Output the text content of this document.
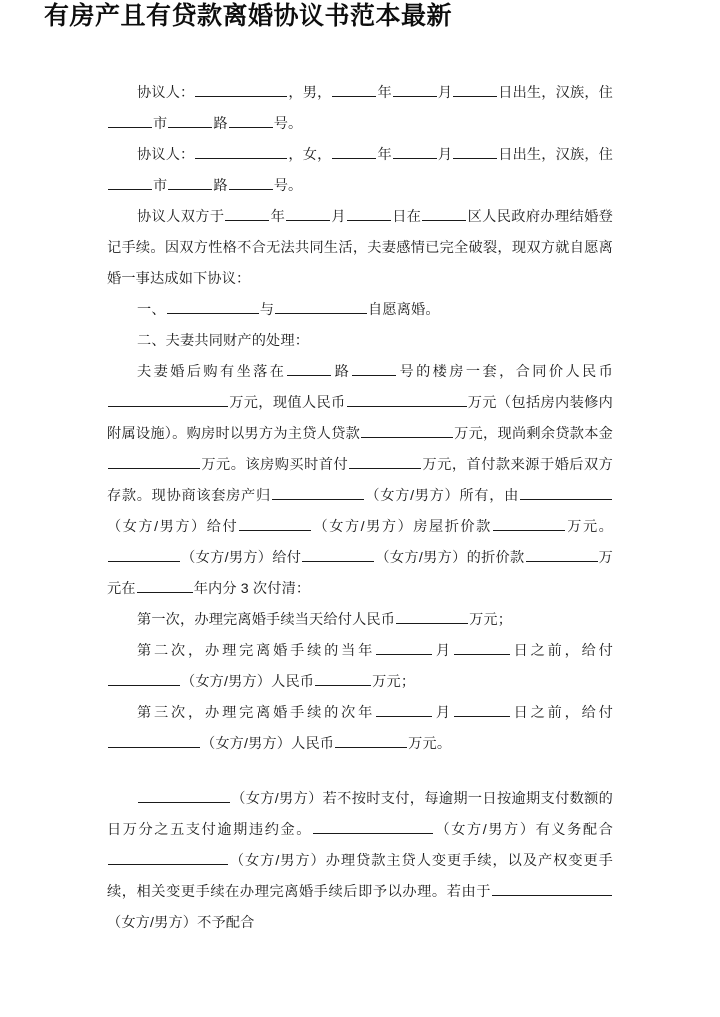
有房产且有贷款离婚协议书范本最新

协议人：	，男，	年	月	日出生，汉族，住市	路	号。

协议人：	，女，	年	月	日出生，汉族，住市	路	号。

协议人双方于	年	月	日在	区人民政府办理结婚登记手续。因双方性格不合无法共同生活，夫妻感情已完全破裂，现双方就自愿离婚一事达成如下协议：

一、	与	自愿离婚。

二、夫妻共同财产的处理：

夫妻婚后购有坐落在	路	号的楼房一套，合同价人民币万元，现值人民币	万元（包括房内装修内附属设施）。购房时以男方为主贷人贷款	万元，现尚剩余贷款本金万元。该房购买时首付	万元，首付款来源于婚后双方存款。现协商该套房产归	（女方/男方）所有，由（女方/男方）给付	（女方/男方）房屋折价款	万元。（女方/男方）给付	（女方/男方）的折价款	万元在	年内分 3 次付清：

第一次，办理完离婚手续当天给付人民币	万元；

第二次，办理完离婚手续的当年	月	日之前，给付（女方/男方）人民币	万元；

第三次，办理完离婚手续的次年	月	日之前，给付（女方/男方）人民币	万元。

（女方/男方）若不按时支付，每逾期一日按逾期支付数额的日万分之五支付逾期违约金。	（女方/男方）有义务配合（女方/男方）办理贷款主贷人变更手续，以及产权变更手续，相关变更手续在办理完离婚手续后即予以办理。若由于（女方/男方）不予配合
